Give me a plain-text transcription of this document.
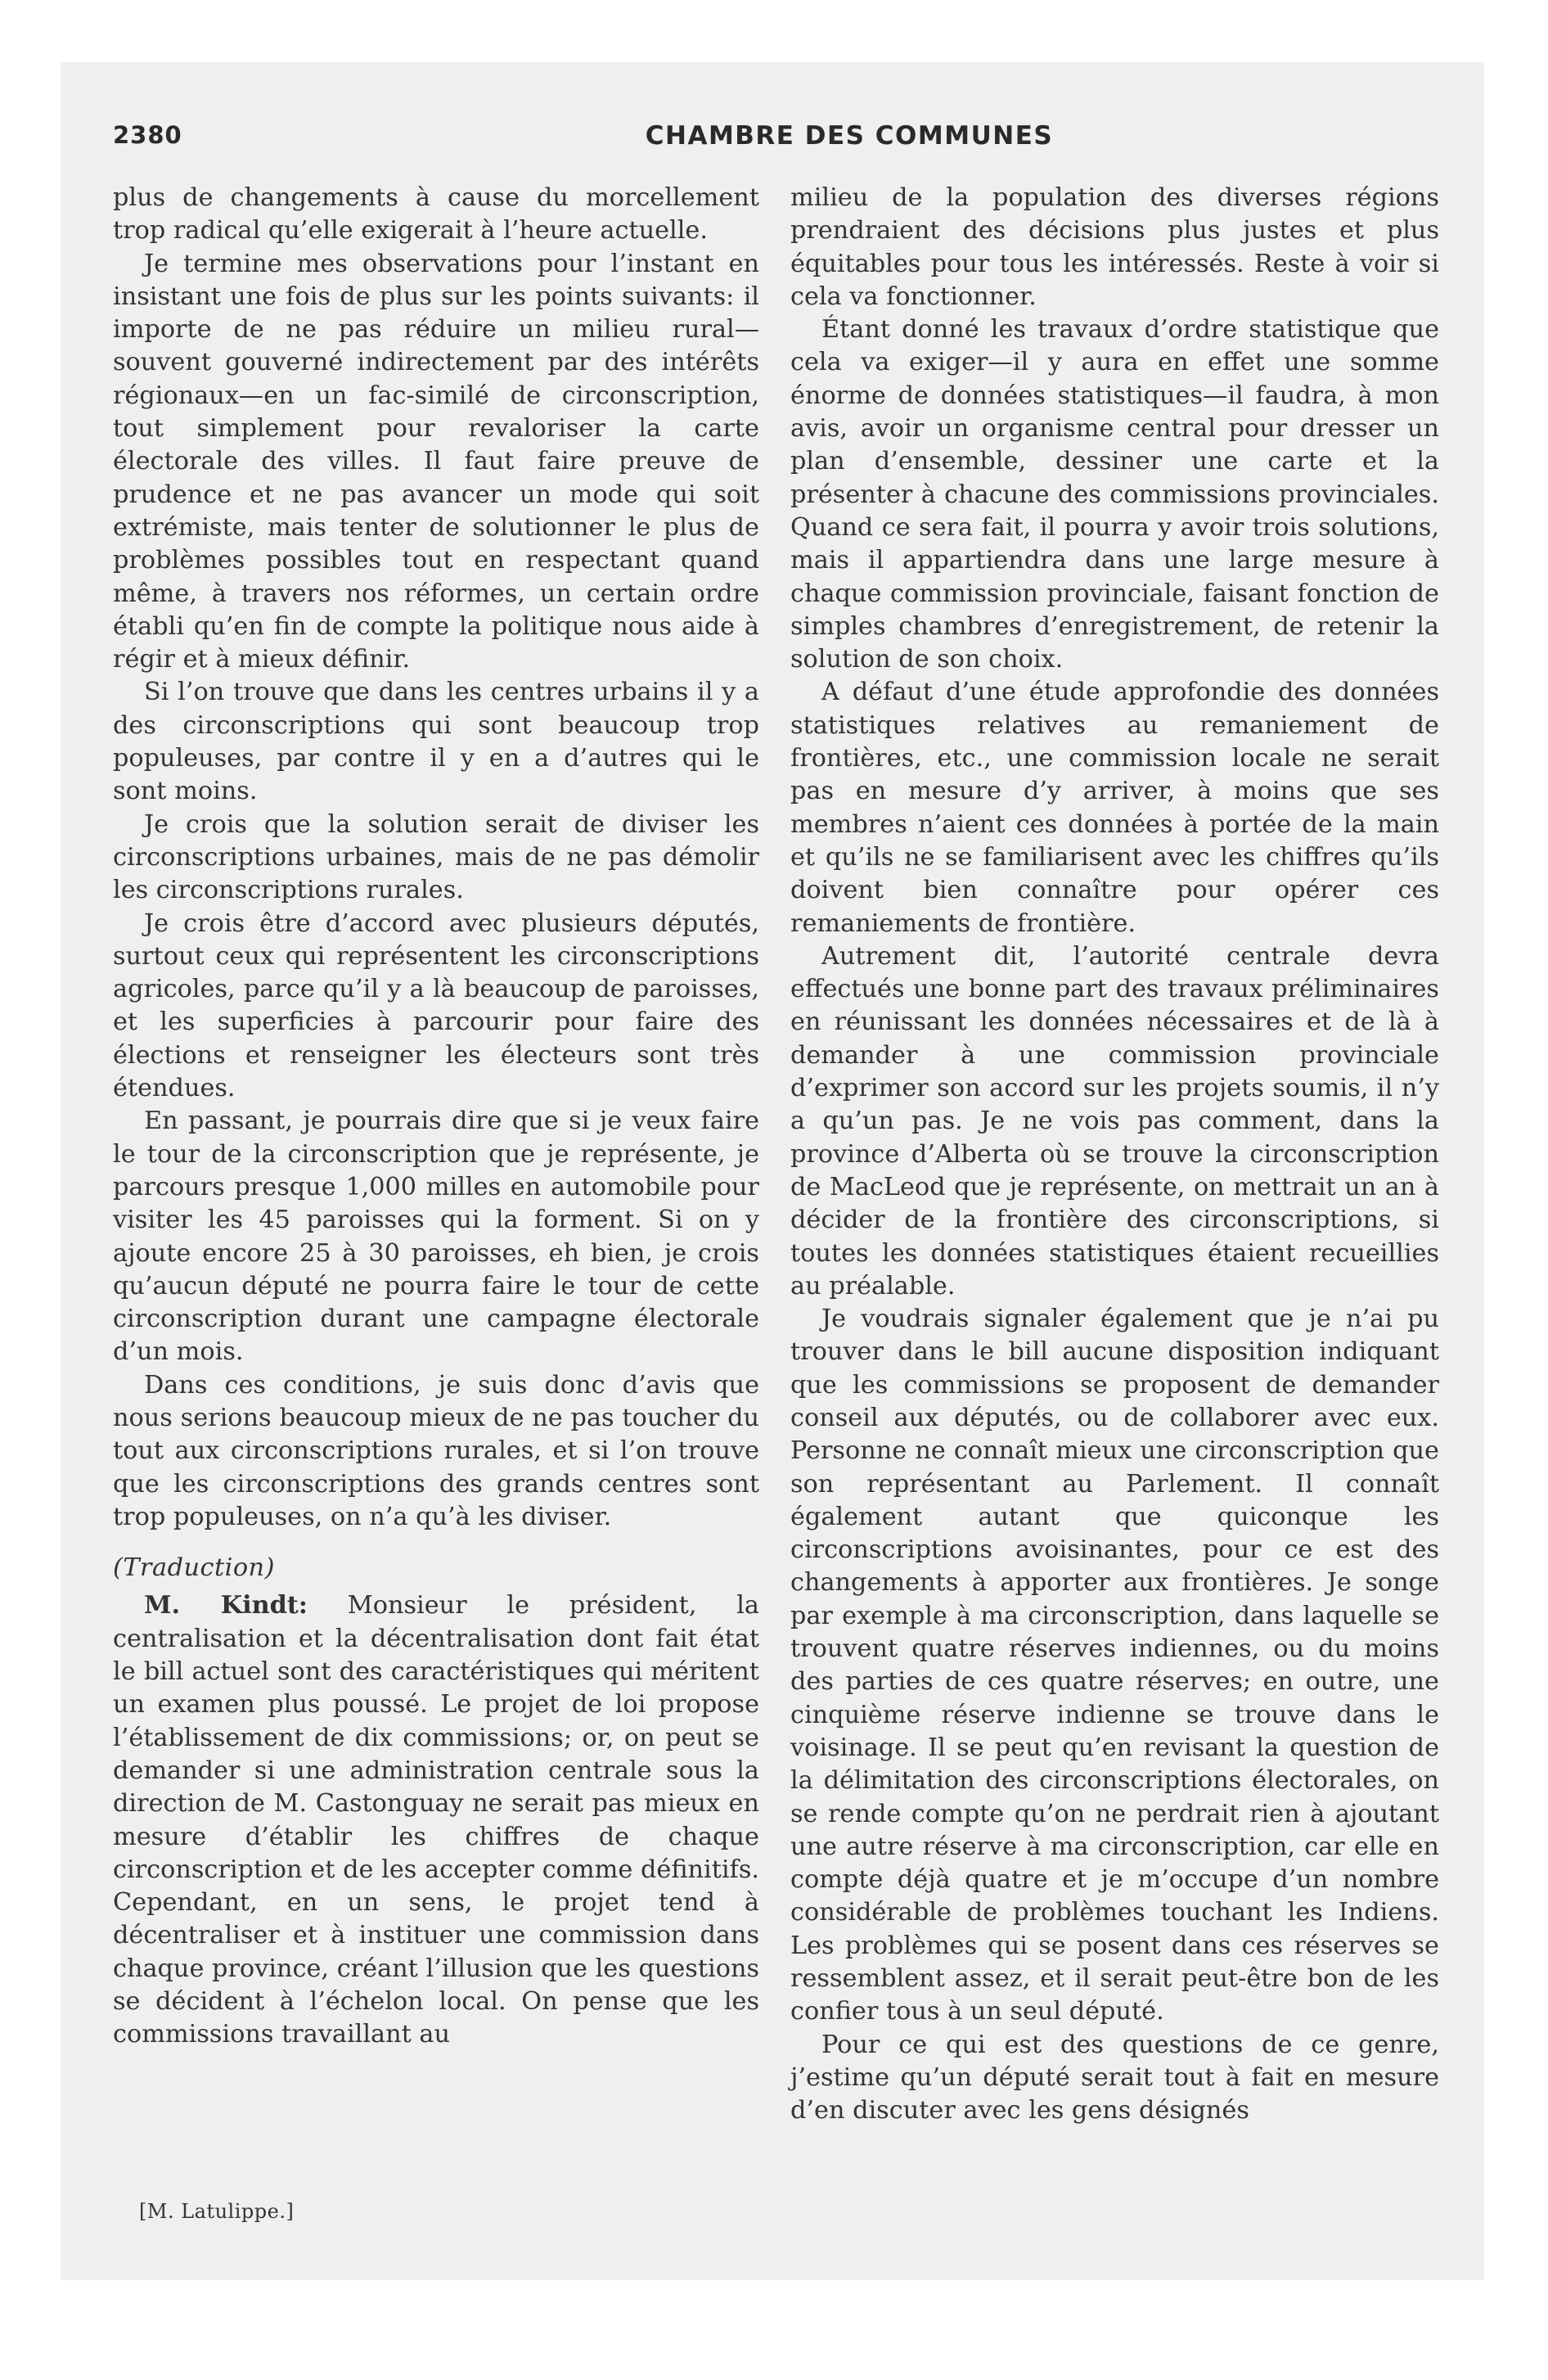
2380	CHAMBRE DES COMMUNES

plus de changements à cause du morcellement trop radical qu’elle exigerait à l’heure actuelle.

Je termine mes observations pour l’instant en insistant une fois de plus sur les points suivants: il importe de ne pas réduire un milieu rural—souvent gouverné indirectement par des intérêts régionaux—en un fac-similé de circonscription, tout simplement pour revaloriser la carte électorale des villes. Il faut faire preuve de prudence et ne pas avancer un mode qui soit extrémiste, mais tenter de solutionner le plus de problèmes possibles tout en respectant quand même, à travers nos réformes, un certain ordre établi qu’en fin de compte la politique nous aide à régir et à mieux définir.

Si l’on trouve que dans les centres urbains il y a des circonscriptions qui sont beaucoup trop populeuses, par contre il y en a d’autres qui le sont moins.

Je crois que la solution serait de diviser les circonscriptions urbaines, mais de ne pas démolir les circonscriptions rurales.

Je crois être d’accord avec plusieurs députés, surtout ceux qui représentent les circonscriptions agricoles, parce qu’il y a là beaucoup de paroisses, et les superficies à parcourir pour faire des élections et renseigner les électeurs sont très étendues.

En passant, je pourrais dire que si je veux faire le tour de la circonscription que je représente, je parcours presque 1,000 milles en automobile pour visiter les 45 paroisses qui la forment. Si on y ajoute encore 25 à 30 paroisses, eh bien, je crois qu’aucun député ne pourra faire le tour de cette circonscription durant une campagne électorale d’un mois.

Dans ces conditions, je suis donc d’avis que nous serions beaucoup mieux de ne pas toucher du tout aux circonscriptions rurales, et si l’on trouve que les circonscriptions des grands centres sont trop populeuses, on n’a qu’à les diviser.

(Traduction)

M. Kindt: Monsieur le président, la centralisation et la décentralisation dont fait état le bill actuel sont des caractéristiques qui méritent un examen plus poussé. Le projet de loi propose l’établissement de dix commissions; or, on peut se demander si une administration centrale sous la direction de M. Castonguay ne serait pas mieux en mesure d’établir les chiffres de chaque circonscription et de les accepter comme définitifs. Cependant, en un sens, le projet tend à décentraliser et à instituer une commission dans chaque province, créant l’illusion que les questions se décident à l’échelon local. On pense que les commissions travaillant au

milieu de la population des diverses régions prendraient des décisions plus justes et plus équitables pour tous les intéressés. Reste à voir si cela va fonctionner.

Étant donné les travaux d’ordre statistique que cela va exiger—il y aura en effet une somme énorme de données statistiques—il faudra, à mon avis, avoir un organisme central pour dresser un plan d’ensemble, dessiner une carte et la présenter à chacune des commissions provinciales. Quand ce sera fait, il pourra y avoir trois solutions, mais il appartiendra dans une large mesure à chaque commission provinciale, faisant fonction de simples chambres d’enregistrement, de retenir la solution de son choix.

A défaut d’une étude approfondie des données statistiques relatives au remaniement de frontières, etc., une commission locale ne serait pas en mesure d’y arriver, à moins que ses membres n’aient ces données à portée de la main et qu’ils ne se familiarisent avec les chiffres qu’ils doivent bien connaître pour opérer ces remaniements de frontière.

Autrement dit, l’autorité centrale devra effectués une bonne part des travaux préliminaires en réunissant les données nécessaires et de là à demander à une commission provinciale d’exprimer son accord sur les projets soumis, il n’y a qu’un pas. Je ne vois pas comment, dans la province d’Alberta où se trouve la circonscription de MacLeod que je représente, on mettrait un an à décider de la frontière des circonscriptions, si toutes les données statistiques étaient recueillies au préalable.

Je voudrais signaler également que je n’ai pu trouver dans le bill aucune disposition indiquant que les commissions se proposent de demander conseil aux députés, ou de collaborer avec eux. Personne ne connaît mieux une circonscription que son représentant au Parlement. Il connaît également autant que quiconque les circonscriptions avoisinantes, pour ce est des changements à apporter aux frontières. Je songe par exemple à ma circonscription, dans laquelle se trouvent quatre réserves indiennes, ou du moins des parties de ces quatre réserves; en outre, une cinquième réserve indienne se trouve dans le voisinage. Il se peut qu’en revisant la question de la délimitation des circonscriptions électorales, on se rende compte qu’on ne perdrait rien à ajoutant une autre réserve à ma circonscription, car elle en compte déjà quatre et je m’occupe d’un nombre considérable de problèmes touchant les Indiens. Les problèmes qui se posent dans ces réserves se ressemblent assez, et il serait peut-être bon de les confier tous à un seul député.

Pour ce qui est des questions de ce genre, j’estime qu’un député serait tout à fait en mesure d’en discuter avec les gens désignés

[M. Latulippe.]
